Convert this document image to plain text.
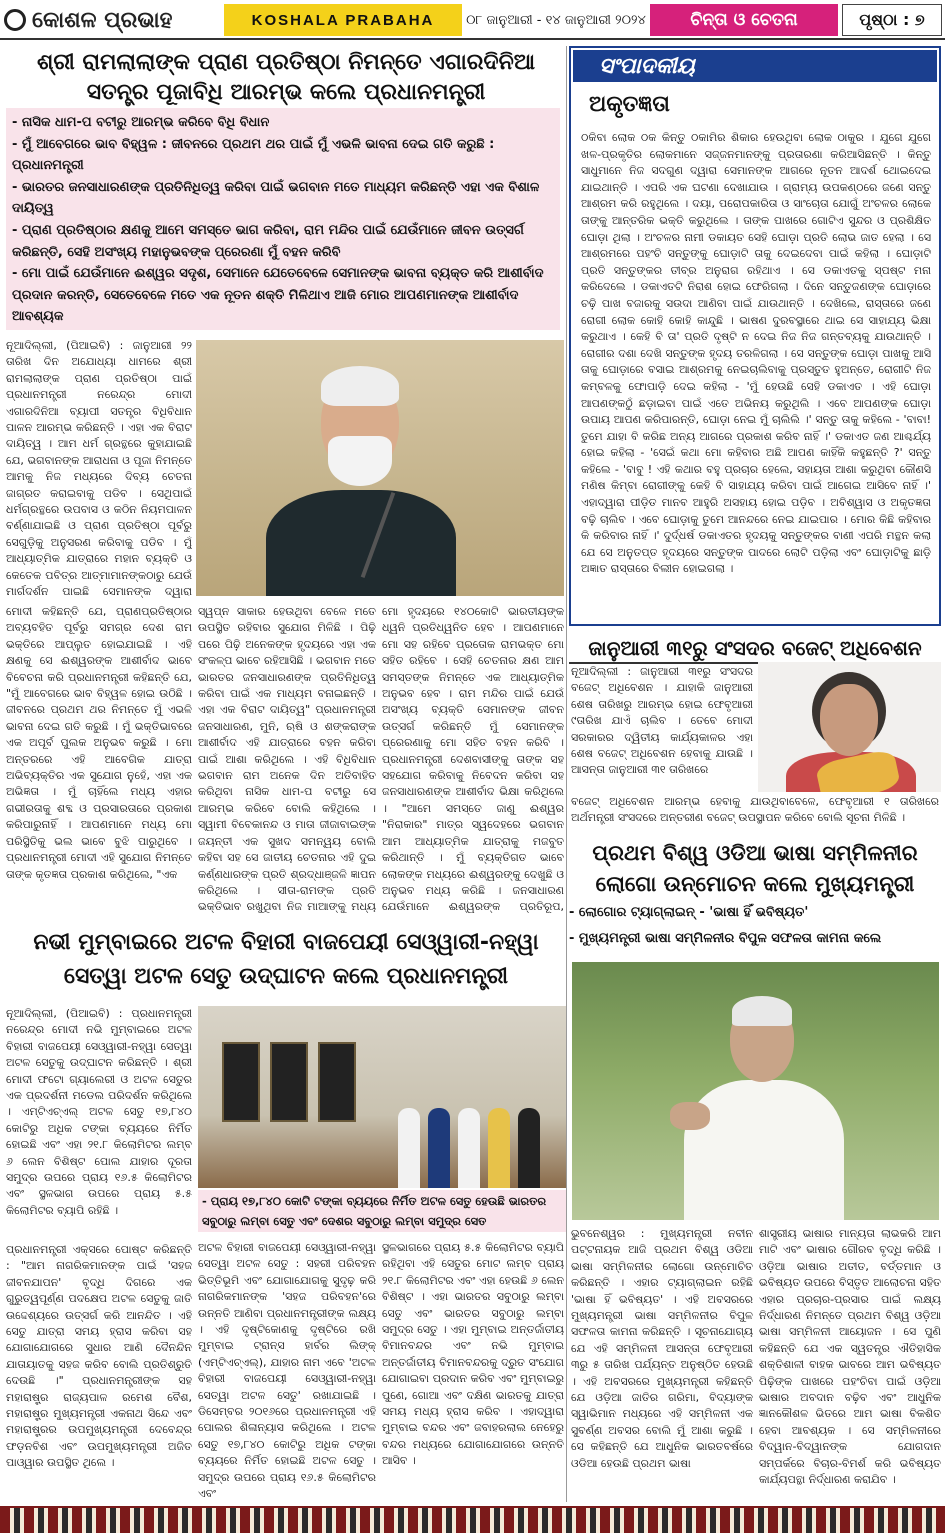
କୋଶଳ ପ୍ରଭାହ	KOSHALA PRABAHA	୦୮ ଜାନୁଆରୀ - ୧୪ ଜାନୁଆରୀ ୨୦୨୪	ଚିନ୍ତା ଓ ଚେତନା	ପୃଷ୍ଠା : ୭
ଶ୍ରୀ ରାମଲାଲାଙ୍କ ପ୍ରାଣ ପ୍ରତିଷ୍ଠା ନିମନ୍ତେ ଏଗାରଦିନିଆ ସତନ୍ତ୍ର ପୂଜାବିଧି ଆରମ୍ଭ କଲେ ପ୍ରଧାନମନ୍ତ୍ରୀ

- ନାସିକ ଧାମ-ପ ବଟୀରୁ ଆରମ୍ଭ କରିବେ ବିଧି ବିଧାନ

- ମୁଁ ଆବେଗରେ ଭାବ ବିହ୍ୱଳ : ଜୀବନରେ ପ୍ରଥମ ଥର ପାଇଁ ମୁଁ ଏଭଳି ଭାବନା ଦେଇ ଗତି କରୁଛି : ପ୍ରଧାନମନ୍ତ୍ରୀ

- ଭାରତର ଜନସାଧାରଣଙ୍କ ପ୍ରତିନିଧିତ୍ୱ କରିବା ପାଇଁ ଭଗବାନ ମତେ ମାଧ୍ୟମ କରିଛନ୍ତି ଏହା ଏକ ବିଶାଳ ଦାୟିତ୍ୱ

- ପ୍ରାଣ ପ୍ରତିଷ୍ଠାର କ୍ଷଣକୁ ଆମେ ସମସ୍ତେ ଭାଗ କରିବା, ରାମ ମନ୍ଦିର ପାଇଁ ଯେଉଁମାନେ ଜୀବନ ଉତ୍ସର୍ଗ କରିଛନ୍ତି, ସେହି ଅସଂଖ୍ୟ ମହାନୁଭବଙ୍କ ପ୍ରେରଣା ମୁଁ ବହନ କରିବି

- ମୋ ପାଇଁ ଯେଉଁମାନେ ଈଶ୍ୱର ସଦୃଶ, ସେମାନେ ଯେତେବେଳେ ସେମାନଙ୍କ ଭାବନା ବ୍ୟକ୍ତ କରି ଆଶୀର୍ବାଦ ପ୍ରଦାନ କରନ୍ତି, ସେତେବେଳେ ମତେ ଏକ ନୂତନ ଶକ୍ତି ମିଳିଥାଏ ଆଜି ମୋର ଆପଣମାନଙ୍କ ଆଶୀର୍ବାଦ ଆବଶ୍ୟକ

ନୂଆଦିଲ୍ଲୀ, (ପିଆଇବି) : ଜାନୁଆରୀ ୨୨ ତାରିଖ ଦିନ ଅଯୋଧ୍ୟା ଧାମରେ ଶ୍ରୀ ରାମଲାଲାଙ୍କ ପ୍ରାଣ ପ୍ରତିଷ୍ଠା ପାଇଁ ପ୍ରଧାନମନ୍ତ୍ରୀ ନରେନ୍ଦ୍ର ମୋଦୀ ଏଗାରଦିନିଆ ବ୍ୟାପୀ ସତନ୍ତ୍ର ବିଧିବିଧାନ ପାଳନ ଆରମ୍ଭ କରିଛନ୍ତି । ଏହା ଏକ ବିରାଟ ଦାୟିତ୍ୱ । ଆମ ଧର୍ମ ଗ୍ରନ୍ଥରେ କୁହାଯାଇଛି ଯେ, ଭଗବାନଙ୍କ ଆରାଧନା ଓ ପୂଜା ନିମନ୍ତେ ଆମକୁ ନିଜ ମଧ୍ୟରେ ଦିବ୍ୟ ଚେତନା ଜାଗ୍ରତ କରାଇବାକୁ ପଡିବ । ସେଥିପାଇଁ ଧର୍ମଗ୍ରନ୍ଥରେ ଉପବାସ ଓ କଠିନ ନିୟମପାଳନ ବର୍ଣ୍ଣାଯାଇଛି ଓ ପ୍ରାଣ ପ୍ରତିଷ୍ଠା ପୂର୍ବରୁ ସେଗୁଡ଼ିକୁ ଅନୁସରଣ କରିବାକୁ ପଡିବ । ମୁଁ ଆଧ୍ୟାତ୍ମିକ ଯାତ୍ରାରେ ମହାନ ବ୍ୟକ୍ତି ଓ କେତେକ ପବିତ୍ର ଆତ୍ମାମାନଙ୍କଠାରୁ ଯେଉଁ ମାର୍ଗଦର୍ଶନ ପାଇଛି ସେମାନଙ୍କ ଦ୍ୱାରା
ମୋଦୀ କହିଛନ୍ତି ଯେ, ପ୍ରାଣପ୍ରତିଷ୍ଠାର ଅବ୍ୟବହିତ ପୂର୍ବରୁ ସମଗ୍ର ଦେଶ ରାମ ଭକ୍ତିରେ ଆପ୍ଲୁତ ହୋଇଯାଇଛି । ଏହି କ୍ଷଣକୁ ସେ ଈଶ୍ୱରଙ୍କ ଆଶୀର୍ବାଦ ଭାବେ ବିବେଚନା କରି ପ୍ରଧାନମନ୍ତ୍ରୀ କହିଛନ୍ତି ଯେ, "ମୁଁ ଆବେଗରେ ଭାବ ବିହ୍ୱଳ ହୋଇ ଉଠିଛି । ଜୀବନରେ ପ୍ରଥମ ଥର ନିମନ୍ତେ ମୁଁ ଏଭଳି ଭାବନା ଦେଇ ଗତି କରୁଛି । ମୁଁ ଭକ୍ତିଭାବରେ ଏକ ଅପୂର୍ବ ପୁଲକ ଅନୁଭବ କରୁଛି । ମୋ ଅନ୍ତରରେ ଏହି ଆବେଗିକ ଯାତ୍ରା ଅଭିବ୍ୟକ୍ତିର ଏକ ସୁଯୋଗ ନୁହେଁ, ଏହା ଏକ ଅଭିଜ୍ଞତା । ମୁଁ ଚାହିଁଲେ ମଧ୍ୟ ଏହାର ଗଭୀରତାକୁ ଶବ୍ଦ ଓ ପ୍ରସାରତାରେ ପ୍ରକାଶ କରିପାରୁନାହିଁ । ଆପଣମାନେ ମଧ୍ୟ ମୋ ପରିସ୍ଥିତିକୁ ଭଲ ଭାବେ ବୁଝି ପାରୁଥିବେ । ପ୍ରଧାନମନ୍ତ୍ରୀ ମୋଦୀ ଏହି ସୁଯୋଗ ନିମନ୍ତେ ତାଙ୍କ କୃତଜ୍ଞତା ପ୍ରକାଶ କରିଥିଲେ, "ଏକ
ସ୍ୱପ୍ନ ସାକାର ହେଉଥିବା ବେଳେ ମତେ ଉପସ୍ଥିତ ରହିବାର ସୁଯୋଗ ମିଳିଛି । ପିଢ଼ି ପରେ ପିଢ଼ି ଅନେକଙ୍କ ହୃଦୟରେ ଏହା ଏକ ସଂକଳ୍ପ ଭାବେ ରହିଆସିଛି । ଭଗବାନ ମତେ ଭାରତର ଜନସାଧାରଣଙ୍କ ପ୍ରତିନିଧିତ୍ୱ କରିବା ପାଇଁ ଏକ ମାଧ୍ୟମ ବନାଇଛନ୍ତି । ଏହା ଏକ ବିରାଟ ଦାୟିତ୍ୱ" ପ୍ରଧାନମନ୍ତ୍ରୀ ଜନସାଧାରଣ, ମୁନି, ଋଷି ଓ ଶଙ୍କରାଙ୍କ ଆଶୀର୍ବାଦ ଏହି ଯାତ୍ରାରେ ବହନ କରିବା ପାଇଁ ଆଶା କରିଥିଲେ । ଏହି ବିଧିବିଧାନ ଭଗବାନ ରାମ ଅନେକ ଦିନ ଅତିବାହିତ କରିଥିବା ନାସିକ ଧାମ-ପ ବଟୀରୁ ସେ ଆରମ୍ଭ କରିବେ ବୋଲି କହିଥିଲେ । ସ୍ୱାମୀ ବିବେକାନନ୍ଦ ଓ ମାତା ଜୀଜାବାଇଙ୍କ ଜୟନ୍ତୀ ଏକ ସୁଖଦ ସମନ୍ୱୟ ବୋଲି କହିବା ସହ ସେ ଜାତୀୟ ଚେତନାର ଏହି ଦୁଇ କର୍ଣ୍ଣଧାରଙ୍କ ପ୍ରତି ଶ୍ରଦ୍ଧାଞ୍ଜଳି ଜ୍ଞାପନ କରିଥିଲେ । ସୀତା-ରାମଙ୍କ ପ୍ରତି ଭକ୍ତିଭାବ ରଖୁଥିବା ନିଜ ମାଆଙ୍କୁ ମଧ୍ୟ
ମୋ ହୃଦୟରେ ୧୪୦କୋଟି ଭାରତୀୟଙ୍କ ଧ୍ୱନି ପ୍ରତିଧ୍ୱନିତ ହେବ । ଆପଣମାନେ ମୋ ସହ ରହିବେ ପ୍ରତୋକ ରାମଭକ୍ତ ମୋ ସହିତ ରହିବେ । ସେହି ଚେତନାର କ୍ଷଣ ଆମ ସମସ୍ତଙ୍କ ନିମନ୍ତେ ଏକ ଆଧ୍ୟାତ୍ମିକ ଅନୁଭବ ହେବ । ରାମ ମନ୍ଦିର ପାଇଁ ଯେଉଁ ଅସଂଖ୍ୟ ବ୍ୟକ୍ତି ସେମାନଙ୍କ ଜୀବନ ଉତ୍ସର୍ଗ କରିଛନ୍ତି ମୁଁ ସେମାନଙ୍କ ପ୍ରେରଣାକୁ ମୋ ସହିତ ବହନ କରିବି । ପ୍ରଧାନମନ୍ତ୍ରୀ ଦେଶବାସୀଙ୍କୁ ତାଙ୍କ ସହ ସହଯୋଗ କରିବାକୁ ନିବେଦନ କରିବା ସହ ଜନସାଧାରଣଙ୍କ ଆଶୀର୍ବାଦ ଭିକ୍ଷା କରିଥିଲେ । "ଆମେ ସମସ୍ତେ ଜାଣୁ ଈଶ୍ୱର "ନିରାକାର" ମାତ୍ର ସ୍ୱଦେହରେ ଭଗବାନ ଆମ ଆଧ୍ୟାତ୍ମିକ ଯାତ୍ରାକୁ ମଜବୁତ କରିଥାନ୍ତି । ମୁଁ ବ୍ୟକ୍ତିଗତ ଭାବେ ଲୋକଙ୍କ ମଧ୍ୟରେ ଈଶ୍ୱରଙ୍କୁ ଦେଖୁଛି ଓ ଅନୁଭବ ମଧ୍ୟ କରିଛି । ଜନସାଧାରଣ ଯେଉଁମାନେ ଈଶ୍ୱରଙ୍କ ପ୍ରତିରୂପ,
ସଂପାଦକୀୟ
ଅକୃତଜ୍ଞତା
ଠକିବା ଲୋକ ଠକ କିନ୍ତୁ ଠକାମିର ଶିକାର ହେଉଥିବା ଲୋକ ଠାକୁର । ଯୁଗେ ଯୁଗେ ଖଳ-ପ୍ରକୃତିର ଲୋକମାନେ ସଜ୍ଜନମାନଙ୍କୁ ପ୍ରତାରଣା କରିଆସିଛନ୍ତି । କିନ୍ତୁ ସାଧୁମାନେ ନିଜ ସଦଗୁଣ ଦ୍ୱାରା ସେମାନଙ୍କ ଆଗରେ ନୂତନ ଆଦର୍ଶ ଥୋଇଦେଇ ଯାଇଥାନ୍ତି । ଏପରି ଏକ ଘଟଣା ଦେଖାଯାଉ । ଗ୍ରାମ୍ୟ ଉପକଣ୍ଠରେ ଜଣେ ସନ୍ତୁ ଆଶ୍ରମ କରି ରହୁଥିଲେ । ଦୟା, ପରୋପକାରିତା ଓ ସାଂଚୋତା ଯୋଗୁଁ ଅଂଚଳର ଲୋକେ ତାଙ୍କୁ ଆନ୍ତରିକ ଭକ୍ତି କରୁଥିଲେ । ତାଙ୍କ ପାଖରେ ଗୋଟିଏ ସୁନ୍ଦର ଓ ପ୍ରଶିକ୍ଷିତ ଘୋଡ଼ା ଥିଲା । ଅଂଚଳର ନାମୀ ଡକାୟତ ସେହି ଘୋଡ଼ା ପ୍ରତି ଲୋଭ ଜାତ ହେଲା । ସେ ଆଶ୍ରମରେ ପହଂଚି ସନ୍ତୁଙ୍କୁ ଘୋଡ଼ାଟି ତାକୁ ଦେଇଦେବା ପାଇଁ କହିଲା । ଘୋଡ଼ାଟି ପ୍ରତି ସନ୍ତୁଙ୍କର ତୀବ୍ର ଅନୁରାଗ ରହିଥାଏ । ସେ ଡକାଏତକୁ ସ୍ପଷ୍ଟ ମନା କରିଦେଲେ । ଡକାଏତଟି ନିରାଶ ହୋଇ ଫେରିଗଲା । ଦିନେ ସନ୍ତୁଜଣଙ୍କ ଘୋଡ଼ାରେ ଚଢ଼ି ପାଖ ବଜାରକୁ ସଉଦା ଆଣିବା ପାଇଁ ଯାଉଥାନ୍ତି । ଦେଖିଲେ, ରାସ୍ତାରେ ଜଣେ ରୋଗୀ ଲୋକ କୋହି କୋହି କାନ୍ଦୁଛି । ଭାଷଣ ଦୁରବସ୍ଥାରେ ଥାଇ ସେ ସାହାଯ୍ୟ ଭିକ୍ଷା କରୁଥାଏ । କେହି ବି ତା' ପ୍ରତି ଦୃଷ୍ଟି ନ ଦେଇ ନିଜ ନିଜ ଗନ୍ତବ୍ୟକୁ ଯାଉଥାନ୍ତି । ରୋଗୀର ଦଶା ଦେଖି ସନ୍ତୁଙ୍କ ହୃଦୟ ତରଳିଗଲା । ସେ ସନ୍ତୁଙ୍କ ଘୋଡ଼ା ପାଖକୁ ଆସି ତାକୁ ଘୋଡ଼ାରେ ବସାଇ ଆଶ୍ରମକୁ ନେଇଚାଲିବାକୁ ପ୍ରସ୍ତୁତ ହୁଅନ୍ତେ, ରୋଗୀଟି ନିଜ କମ୍ବଳକୁ ଫୋପାଡ଼ି ଦେଇ କହିଲା - 'ମୁଁ ହେଉଛି ସେହି ଡକାଏତ । ଏହି ଘୋଡ଼ା ଆପଣଙ୍କଠୁଁ ଛଡ଼ାଇବା ପାଇଁ ଏତେ ଅଭିନୟ କରୁଥିଲି । ଏବେ ଆପଣଙ୍କ ଘୋଡ଼ା ଉପାୟ ଆପଣ କରିପାରନ୍ତି, ଘୋଡ଼ା ନେଇ ମୁଁ ଚାଲିଲି ।' ସନ୍ତୁ ତାକୁ କହିଲେ - 'ବାବା! ତୁମେ ଯାହା ବି କରିଛ ଅନ୍ୟ ଆଗରେ ପ୍ରକାଶ କରିବ ନାହିଁ ।' ଡକାଏତ ଜଣ ଆଶ୍ଚର୍ଯ୍ୟ ହୋଇ କହିଲା - 'ସେଇଁ କଥା ମୋ କହିବାର ଅଛି ଆପଣ କାହିଁକି କହୁଛନ୍ତି ?' ସନ୍ତୁ କହିଲେ - 'ବାବୁ ! ଏହି କଥାର ବହୁ ପ୍ରଚାର ହେଲେ, ସହାୟତା ଆଶା କରୁଥିବା କୌଣସି ମଣିଷ କିମ୍ବା ରୋଗୀଙ୍କୁ କେହି ବି ସାହାଯ୍ୟ କରିବା ପାଇଁ ଆଗେଇ ଆସିବେ ନାହିଁ ।' ଏହାଦ୍ୱାରା ପୀଡ଼ିତ ମାନବ ଆହୁରି ଅସହାୟ ହୋଇ ପଡ଼ିବ । ଅବିଶ୍ୱାସ ଓ ଅକୃତଜ୍ଞତା ବଢ଼ି ଚାଲିବ । ଏବେ ଘୋଡ଼ାକୁ ତୁମେ ଆନନ୍ଦରେ ନେଇ ଯାଇପାର । ମୋର କିଛି କହିବାର କି କରିବାର ନାହିଁ ।' ଦୁର୍ଦ୍ଧର୍ଷ ଡକାଏତର ହୃଦୟକୁ ସନ୍ତୁଙ୍କର ବାଣୀ ଏପରି ମନ୍ଥନ କଲା ଯେ ସେ ଅନୁତପ୍ତ ହୃଦୟରେ ସନ୍ତୁଙ୍କ ପାଦରେ ଲୋଟି ପଡ଼ିଲା ଏବଂ ଘୋଡ଼ାଟିକୁ ଛାଡ଼ି ଅଜ୍ଞାତ ରାସ୍ତାରେ ବିଲୀନ ହୋଇଗଲା ।
ଜାନୁଆରୀ ୩୧ରୁ ସଂସଦର ବଜେଟ୍ ଅଧିବେଶନ
ନୂଆଦିଲ୍ଲୀ : ଜାନୁଆରୀ ୩୧ରୁ ସଂସଦର ବଜେଟ୍ ଅଧିବେଶନ । ଯାହାକି ଜାନୁଆରୀ ଶେଷ ତାରିଖରୁ ଆରମ୍ଭ ହୋଇ ଫେବୃଆରୀ ୯ତାରିଖ ଯାଏଁ ଚାଲିବ । ତେବେ ମୋଦୀ ସରକାରର ଦ୍ୱିତୀୟ କାର୍ଯ୍ୟକାଳର ଏହା ଶେଷ ବଜେଟ୍ ଅଧିବେଶନ ହେବାକୁ ଯାଉଛି । ଆସନ୍ତା ଜାନୁଆରୀ ୩୧ ତାରିଖରେ
ବଜେଟ୍ ଅଧିବେଶନ ଆରମ୍ଭ ହେବାକୁ ଯାଉଥିବାବେଳେ, ଫେବୃଆରୀ ୧ ତାରିଖରେ ଅର୍ଥମନ୍ତ୍ରୀ ସଂସଦରେ ଅନ୍ତରୀଣ ବଜେଟ୍ ଉପସ୍ଥାପନ କରିବେ ବୋଲି ସୂଚନା ମିଳିଛି ।
ପ୍ରଥମ ବିଶ୍ୱ ଓଡିଆ ଭାଷା ସମ୍ମିଳନୀର ଲୋଗୋ ଉନ୍ମୋଚନ କଲେ ମୁଖ୍ୟମନ୍ତ୍ରୀ

- ଲୋଗୋର ଟ୍ୟାଗ୍‌ଲାଇନ୍ - 'ଭାଷା ହିଁ ଭବିଷ୍ୟତ'

- ମୁଖ୍ୟମନ୍ତ୍ରୀ ଭାଷା ସମ୍ମିଳନୀର ବିପୁଳ ସଫଳତା କାମନା କଲେ

ଭୁବନେଶ୍ୱର : ମୁଖ୍ୟମନ୍ତ୍ରୀ ନବୀନ ପଟ୍ଟନାୟକ ଆଜି ପ୍ରଥମ ବିଶ୍ୱ ଓଡିଆ ଭାଷା ସମ୍ମିଳନୀର ଲୋଗୋ ଉନ୍ମୋଚିତ କରିଛନ୍ତି । ଏହାର ଟ୍ୟାଗ୍‌ଲାଇନ ରହିଛି 'ଭାଷା ହିଁ ଭବିଷ୍ୟତ' । ଏହି ଅବସରରେ ମୁଖ୍ୟମନ୍ତ୍ରୀ ଭାଷା ସମ୍ମିଳନୀର ବିପୁଳ ସଫଳତା କାମନା କରିଛନ୍ତି । ସୂଚନାଯୋଗ୍ୟ ଯେ ଏହି ସମ୍ମିଳନୀ ଆସନ୍ତା ଫେବୃଆରୀ ୩ରୁ ୫ ତାରିଖ ପର୍ଯ୍ୟନ୍ତ ଅନୁଷ୍ଠିତ ହେଉଛି । ଏହି ଅବସରରେ ମୁଖ୍ୟମନ୍ତ୍ରୀ କହିଛନ୍ତି ଯେ ଓଡ଼ିଆ ଜାତିର ଗରିମା, ବିଦ୍ୟାଙ୍କ ସ୍ୱାଭିମାନ ମଧ୍ୟରେ ଏହି ସମ୍ମିଳନୀ ଏକ ସୁବର୍ଣ୍ଣ ଅବସର ବୋଲି ମୁଁ ଆଶା କରୁଛି । ସେ କହିଛନ୍ତି ଯେ ଆଧୁନିକ ଭାରତବର୍ଷରେ ଓଡିଆ ହେଉଛି ପ୍ରଥମ ଭାଷା
ଶାସ୍ତ୍ରୀୟ ଭାଷାର ମାନ୍ୟତା ଲାଭକରି ଆମ ମାଟି ଏବଂ ଭାଷାର ଗୌରବ ବୃଦ୍ଧି କରିଛି । ଓଡ଼ିଆ ଭାଷାର ଅତୀତ, ବର୍ତ୍ତମାନ ଓ ଭବିଷ୍ୟତ ଉପରେ ବିସ୍ତୃତ ଆଲୋଚନା ସହିତ ଏହାର ପ୍ରଚାର-ପ୍ରସାର ପାଇଁ ଲକ୍ଷ୍ୟ ନିର୍ଦ୍ଧାରଣ ନିମନ୍ତେ ପ୍ରଥମ ବିଶ୍ୱ ଓଡ଼ିଆ ଭାଷା ସମ୍ମିଳନୀ ଆୟୋଜନ । ସେ ପୁଣି କହିଛନ୍ତି ଯେ ଏକ ସ୍ୱତନ୍ତ୍ର ଐତିହାସିକ ଶକ୍ତିଶାଳୀ ବାହକ ଭାବରେ ଆମ ଭବିଷ୍ୟତ ପିଢ଼ିଙ୍କ ପାଖରେ ପହଂଚିବା ପାଇଁ ଓଡ଼ିଆ ଭାଷାର ଅବଦାନ ବଢ଼ିବ ଏବଂ ଆଧୁନିକ ଜ୍ଞାନକୌଶଳ ଭିତରେ ଆମ ଭାଷା ବିକଶିତ ହେବା ଆବଶ୍ୟକ । ସେ ସମ୍ମିଳନୀରେ ବିଦ୍ୱାନ-ବିଦ୍ୱାନଙ୍କ ଯୋଗଦାନ ସମ୍ପର୍କରେ ବିଚାର-ବିମର୍ଶ କରି ଭବିଷ୍ୟତ କାର୍ଯ୍ୟପନ୍ଥା ନିର୍ଦ୍ଧାରଣ କରାଯିବ ।
ନଭୀ ମୁମ୍ବାଇରେ ଅଟଳ ବିହାରୀ ବାଜପେୟୀ ସେଓ୍ୱାରୀ-ନହ୍ୱା ସେତ୍ୱା ଅଟଳ ସେତୁ ଉଦ୍‌ଘାଟନ କଲେ ପ୍ରଧାନମନ୍ତ୍ରୀ
ନୂଆଦିଲ୍ଲୀ, (ପିଆଇବି) : ପ୍ରଧାନମନ୍ତ୍ରୀ ନରେନ୍ଦ୍ର ମୋଦୀ ନଭି ମୁମ୍ବାଇରେ ଅଟଳ ବିହାରୀ ବାଜପେୟୀ ସେଓ୍ୱାରୀ-ନହ୍ୱା ସେତ୍ୱା ଅଟଳ ସେତୁକୁ ଉଦ୍‌ଘାଟନ କରିଛନ୍ତି । ଶ୍ରୀ ମୋଦୀ ଫଟୋ ଗ୍ୟାଲେରୀ ଓ ଅଟଳ ସେତୁର ଏକ ପ୍ରଦର୍ଶନୀ ମଡେଲ ପରିଦର୍ଶନ କରିଥିଲେ । ଏମ୍‌ଟିଏଚ୍‌ଏଲ୍ ଅଟଳ ସେତୁ ୧୭,୮୪୦ କୋଟିରୁ ଅଧିକ ଟଙ୍କା ବ୍ୟୟରେ ନିର୍ମିତ ହୋଇଛି ଏବଂ ଏହା ୨୧.୮ କିଲୋମିଟର ଲମ୍ବ ୬ ଲେନ ବିଶିଷ୍ଟ ପୋଲ ଯାହାର ଦୂରତା ସମୁଦ୍ର ଉପରେ ପ୍ରାୟ ୧୬.୫ କିଲୋମିଟର ଏବଂ ସ୍ଥଳଭାଗ ଉପରେ ପ୍ରାୟ ୫.୫ କିଲୋମିଟର ବ୍ୟାପି ରହିଛି ।
- ପ୍ରାୟ ୧୭,୮୪୦ କୋଟି ଟଙ୍କା ବ୍ୟୟରେ ନିର୍ମିତ ଅଟଳ ସେତୁ ହେଉଛି ଭାରତର ସବୁଠାରୁ ଲମ୍ବା ସେତୁ ଏବଂ ଦେଶର ସବୁଠାରୁ ଲମ୍ବା ସମୁଦ୍ର ସେତ
ପ୍ରଧାନମନ୍ତ୍ରୀ ଏକ୍ସରେ ପୋଷ୍ଟ କରିଛନ୍ତି : "ଆମ ନାଗରିକମାନଙ୍କ ପାଇଁ 'ସହଜ ଜୀବନଯାପନ' ବୃଦ୍ଧି ଦିଗରେ ଏକ ଗୁରୁତ୍ୱପୂର୍ଣ୍ଣ ପଦକ୍ଷେପ ଅଟଳ ସେତୁକୁ ଜାତି ଉଦ୍ଦେଶ୍ୟରେ ଉତ୍ସର୍ଗ କରି ଆନନ୍ଦିତ । ଏହି ସେତୁ ଯାତ୍ରା ସମୟ ହ୍ରାସ କରିବା ସହ ଯୋଗାଯୋଗରେ ସୁଧାର ଆଣି ଦୈନନ୍ଦିନ ଯାତାୟାତକୁ ସହଜ କରିବ ବୋଲି ପ୍ରତିଶ୍ରୁତି ଦେଉଛି ।" ପ୍ରଧାନମନ୍ତ୍ରୀଙ୍କ ସହ ମହାରାଷ୍ଟ୍ର ରାଜ୍ୟପାଳ ରମେଶ ବୈଶ, ମହାରାଷ୍ଟ୍ର ମୁଖ୍ୟମନ୍ତ୍ରୀ ଏକନାଥ ସିନ୍ଦେ ଏବଂ ମହାରାଷ୍ଟ୍ରର ଉପମୁଖ୍ୟମନ୍ତ୍ରୀ ଦେବେନ୍ଦ୍ର ଫଡ଼ନବିଶ ଏବଂ ଉପମୁଖ୍ୟମନ୍ତ୍ରୀ ଅଜିତ ପାଓ୍ୱାର ଉପସ୍ଥିତ ଥିଲେ ।
ଅଟଳ ବିହାରୀ ବାଜପେୟୀ ସେଓ୍ୱାରୀ-ନହ୍ୱା ସେତ୍ୱା ଅଟଳ ସେତୁ : ସହରୀ ପରିବହନ ଭିତ୍ତିଭୂମି ଏବଂ ଯୋଗାଯୋଗକୁ ସୁଦୃଢ଼ କରି ନାଗରିକମାନଙ୍କ 'ସହଜ ପରିବହନ'ରେ ଉନ୍ନତି ଆଣିବା ପ୍ରଧାନମନ୍ତ୍ରୀଙ୍କ ଲକ୍ଷ୍ୟ । ଏହି ଦୃଷ୍ଟିକୋଣକୁ ଦୃଷ୍ଟିରେ ରଖି ମୁମ୍ବାଇ ଟ୍ରାନ୍ସ ହାର୍ବର ଲିଙ୍କ୍ (ଏମ୍‌ଟିଏଚ୍‌ଏଲ୍), ଯାହାର ନାମ ଏବେ 'ଅଟଳ ବିହାରୀ ବାଜପେୟୀ ସେଓ୍ୱାରୀ-ନହ୍ୱା ସେତ୍ୱା ଅଟଳ ସେତୁ' ରଖାଯାଇଛି । ଡିସେମ୍ବର ୨୦୧୬ରେ ପ୍ରଧାନମନ୍ତ୍ରୀ ଏହି ପୋଲର ଶିଳାନ୍ୟାସ କରିଥିଲେ । ଅଟଳ ସେତୁ ୧୭,୮୪୦ କୋଟିରୁ ଅଧିକ ଟଙ୍କା ବ୍ୟୟରେ ନିର୍ମିତ ହୋଇଛି ଅଟଳ ସେତୁ । ସମୁଦ୍ର ଉପରେ ପ୍ରାୟ ୧୬.୫ କିଲୋମିଟର ଏବଂ
ସ୍ଥଳଭାଗରେ ପ୍ରାୟ ୫.୫ କିଲୋମିଟର ବ୍ୟାପି ରହିଥିବା ଏହି ସେତୁର ମୋଟ ଲମ୍ବ ପ୍ରାୟ ୨୧.୮ କିଲୋମିଟର ଏବଂ ଏହା ହେଉଛି ୬ ଲେନ ବିଶିଷ୍ଟ । ଏହା ଭାରତର ସବୁଠାରୁ ଲମ୍ବା ସେତୁ ଏବଂ ଭାରତର ସବୁଠାରୁ ଲମ୍ବା ସମୁଦ୍ର ସେତୁ । ଏହା ମୁମ୍ବାଇ ଅନ୍ତର୍ଜାତୀୟ ବିମାନବନ୍ଦର ଏବଂ ନଭି ମୁମ୍ବାଇ ଅନ୍ତର୍ଜାତୀୟ ବିମାନବନ୍ଦରକୁ ଦ୍ରୁତ ସଂଯୋଗ ଯୋଗାଇବା ପ୍ରଦାନ କରିବ ଏବଂ ମୁମ୍ବାଇରୁ ପୁଣେ, ଗୋଆ ଏବଂ ଦକ୍ଷିଣ ଭାରତକୁ ଯାତ୍ରା ସମୟ ମଧ୍ୟ ହ୍ରାସ କରିବ । ଏହାଦ୍ୱାରା ମୁମ୍ବାଇ ବନ୍ଦର ଏବଂ ଜବାହରଲାଲ ନେହେରୁ ବନ୍ଦର ମଧ୍ୟରେ ଯୋଗାଯୋଗରେ ଉନ୍ନତି ଆସିବ ।
